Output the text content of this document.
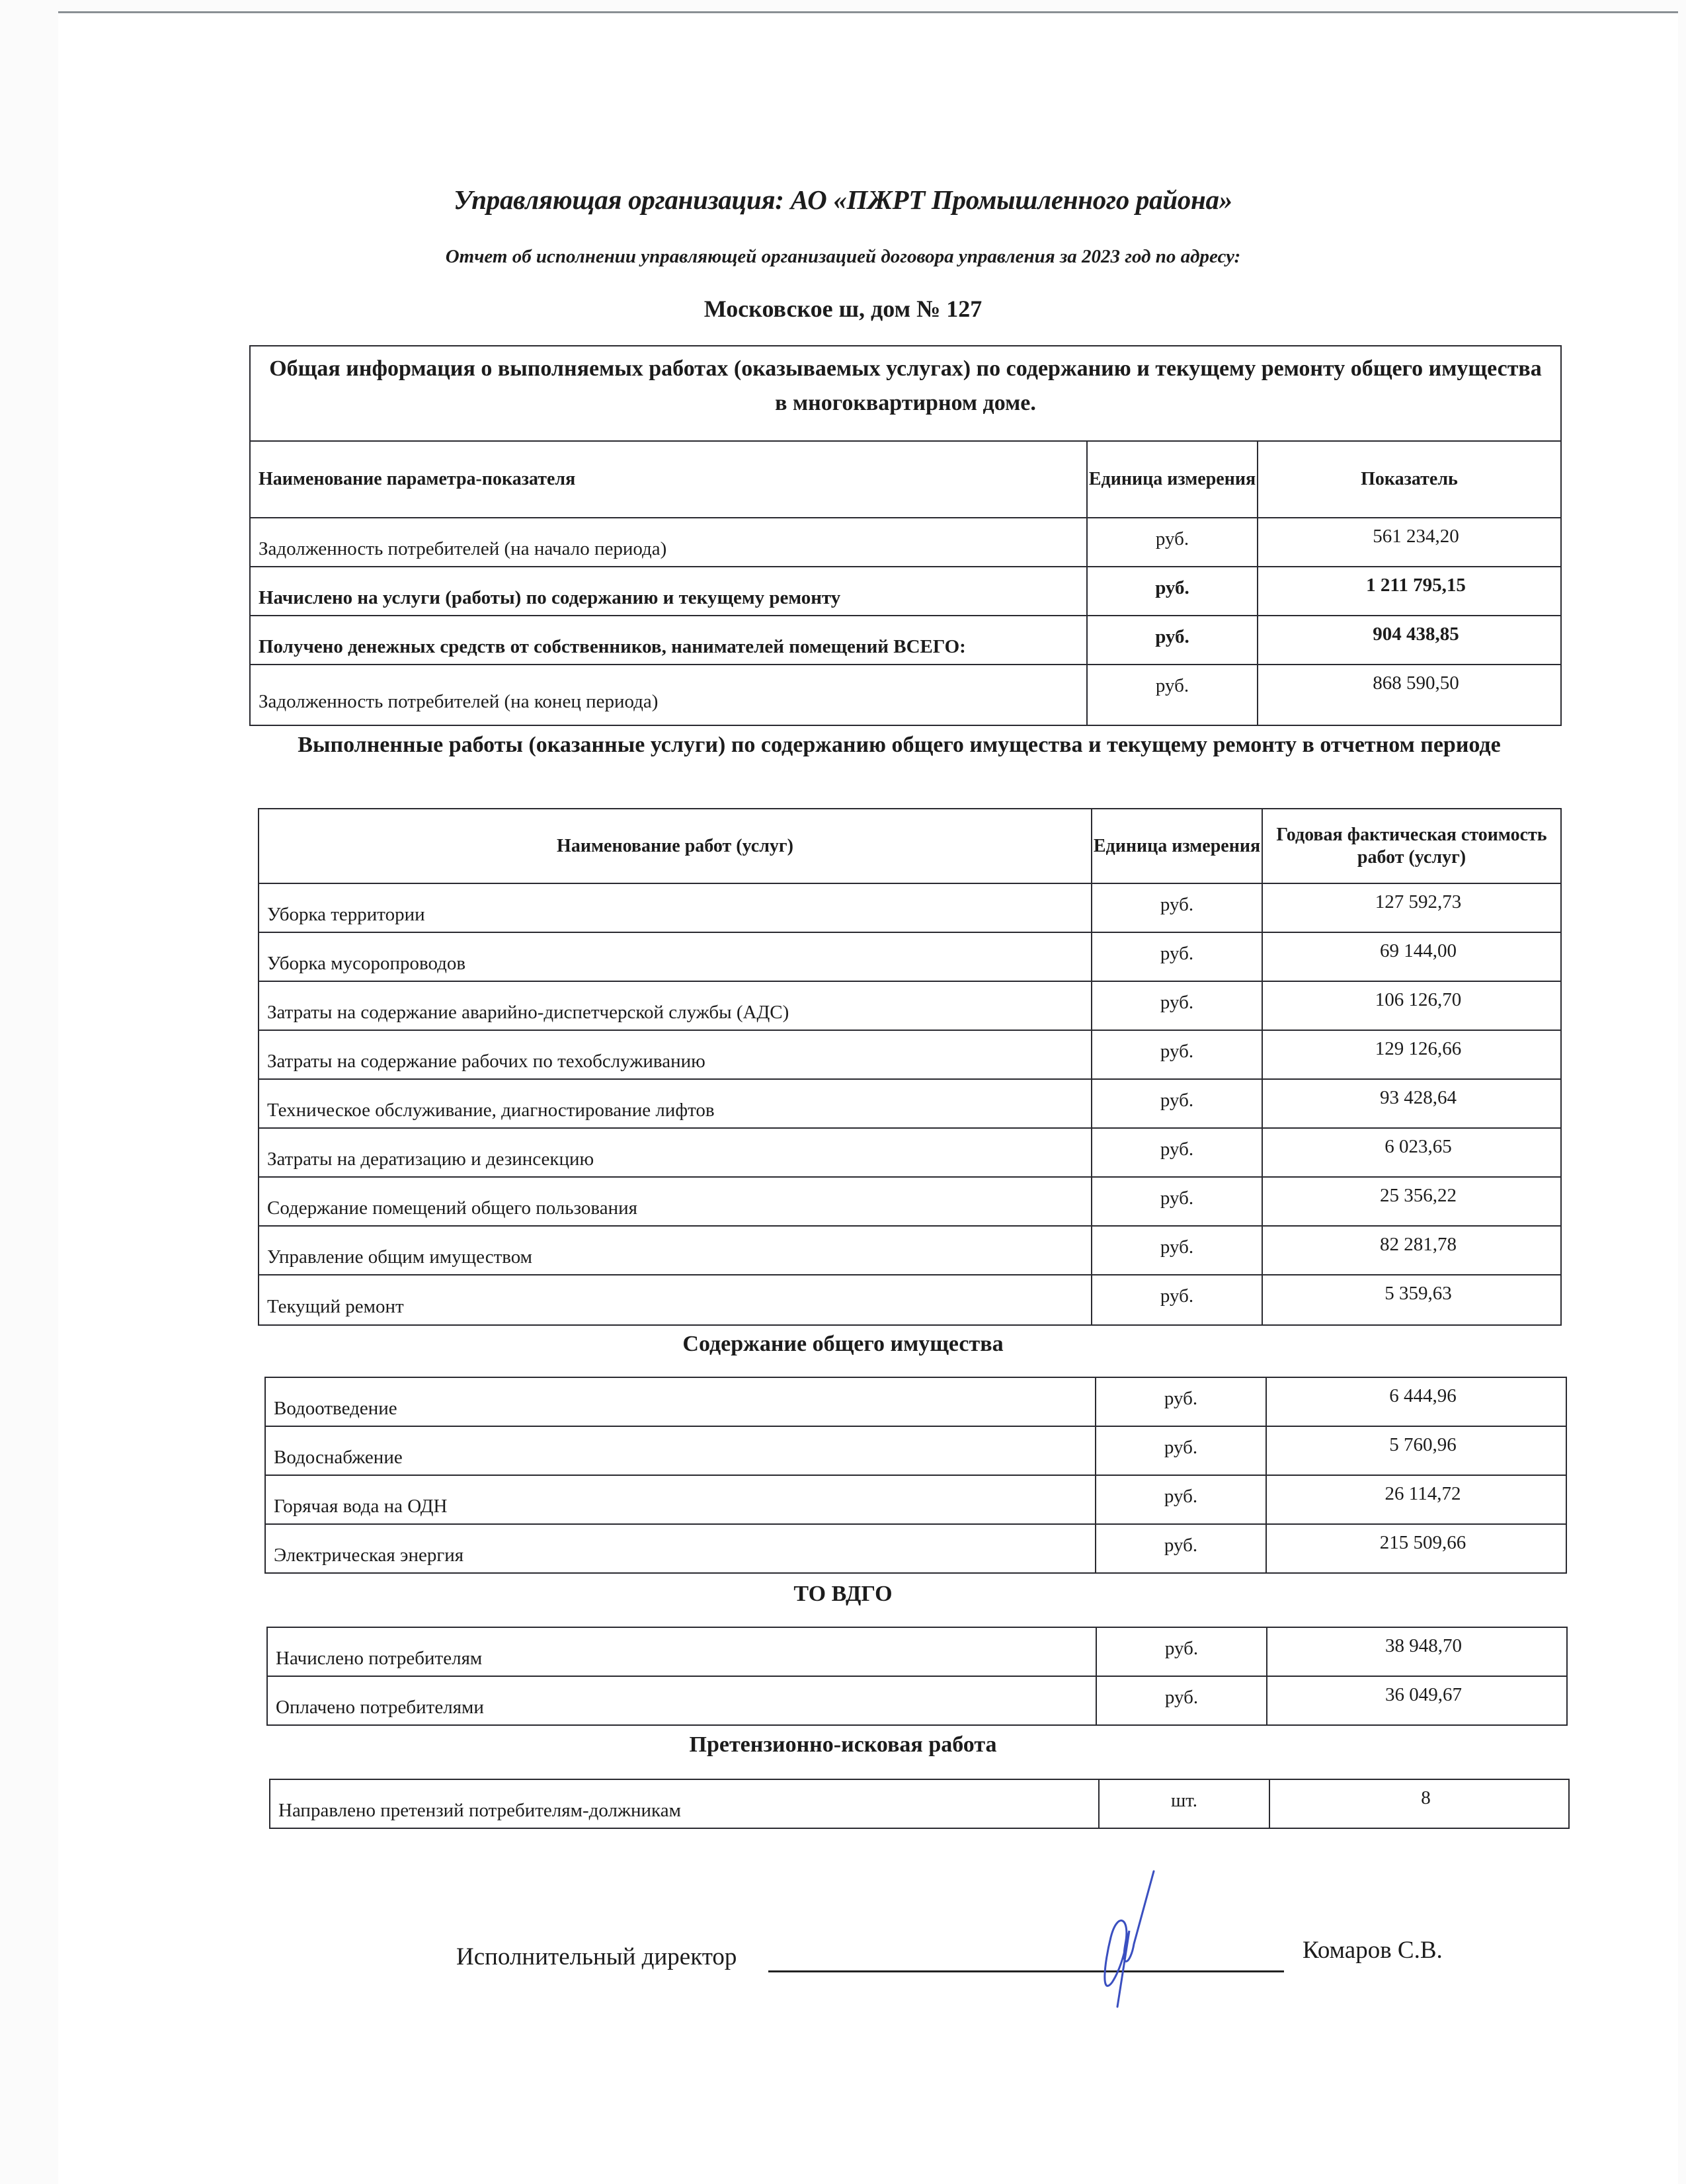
Управляющая организация: АО «ПЖРТ Промышленного района»
Отчет об исполнении управляющей организацией договора управления за 2023 год по адресу:
Московское ш, дом № 127
Общая информация о выполняемых работах (оказываемых услугах) по содержанию и текущему ремонту общего имущества в многоквартирном доме.		
Наименование параметра-показателя	Единица измерения	Показатель
Задолженность потребителей (на начало периода)	руб.	561 234,20
Начислено на услуги (работы) по содержанию и текущему ремонту	руб.	1 211 795,15
Получено денежных средств от собственников, нанимателей помещений ВСЕГО:	руб.	904 438,85
Задолженность потребителей (на конец периода)	руб.	868 590,50
Выполненные работы (оказанные услуги) по содержанию общего имущества и текущему ремонту в отчетном периоде
Наименование работ (услуг)	Единица измерения	Годовая фактическая стоимость работ (услуг)
Уборка территории	руб.	127 592,73
Уборка мусоропроводов	руб.	69 144,00
Затраты на содержание аварийно-диспетчерской службы (АДС)	руб.	106 126,70
Затраты на содержание рабочих по техобслуживанию	руб.	129 126,66
Техническое обслуживание, диагностирование лифтов	руб.	93 428,64
Затраты на дератизацию и дезинсекцию	руб.	6 023,65
Содержание помещений общего пользования	руб.	25 356,22
Управление общим имуществом	руб.	82 281,78
Текущий ремонт	руб.	5 359,63
Содержание общего имущества
Водоотведение	руб.	6 444,96
Водоснабжение	руб.	5 760,96
Горячая вода на ОДН	руб.	26 114,72
Электрическая энергия	руб.	215 509,66
ТО ВДГО
Начислено потребителям	руб.	38 948,70
Оплачено потребителями	руб.	36 049,67
Претензионно-исковая работа
Направлено претензий потребителям-должникам	шт.	8
Исполнительный директор	Комаров С.В.
